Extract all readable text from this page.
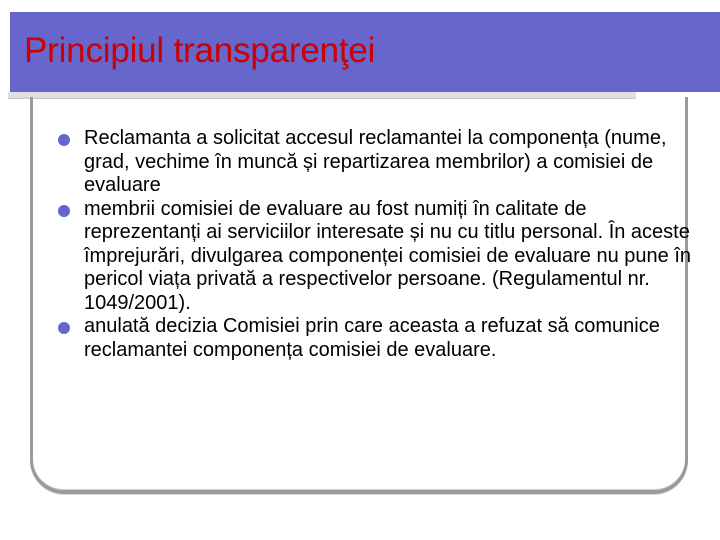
Principiul transparenţei
Reclamanta a solicitat accesul reclamantei la componența (nume, grad, vechime în muncă și repartizarea membrilor) a comisiei de evaluare
membrii comisiei de evaluare au fost numiți în calitate de reprezentanți ai serviciilor interesate și nu cu titlu personal. În aceste împrejurări, divulgarea componenței comisiei de evaluare nu pune în pericol viața privată a respectivelor persoane. (Regulamentul nr. 1049/2001).
anulată decizia Comisiei prin care aceasta a refuzat să comunice reclamantei componența comisiei de evaluare.
